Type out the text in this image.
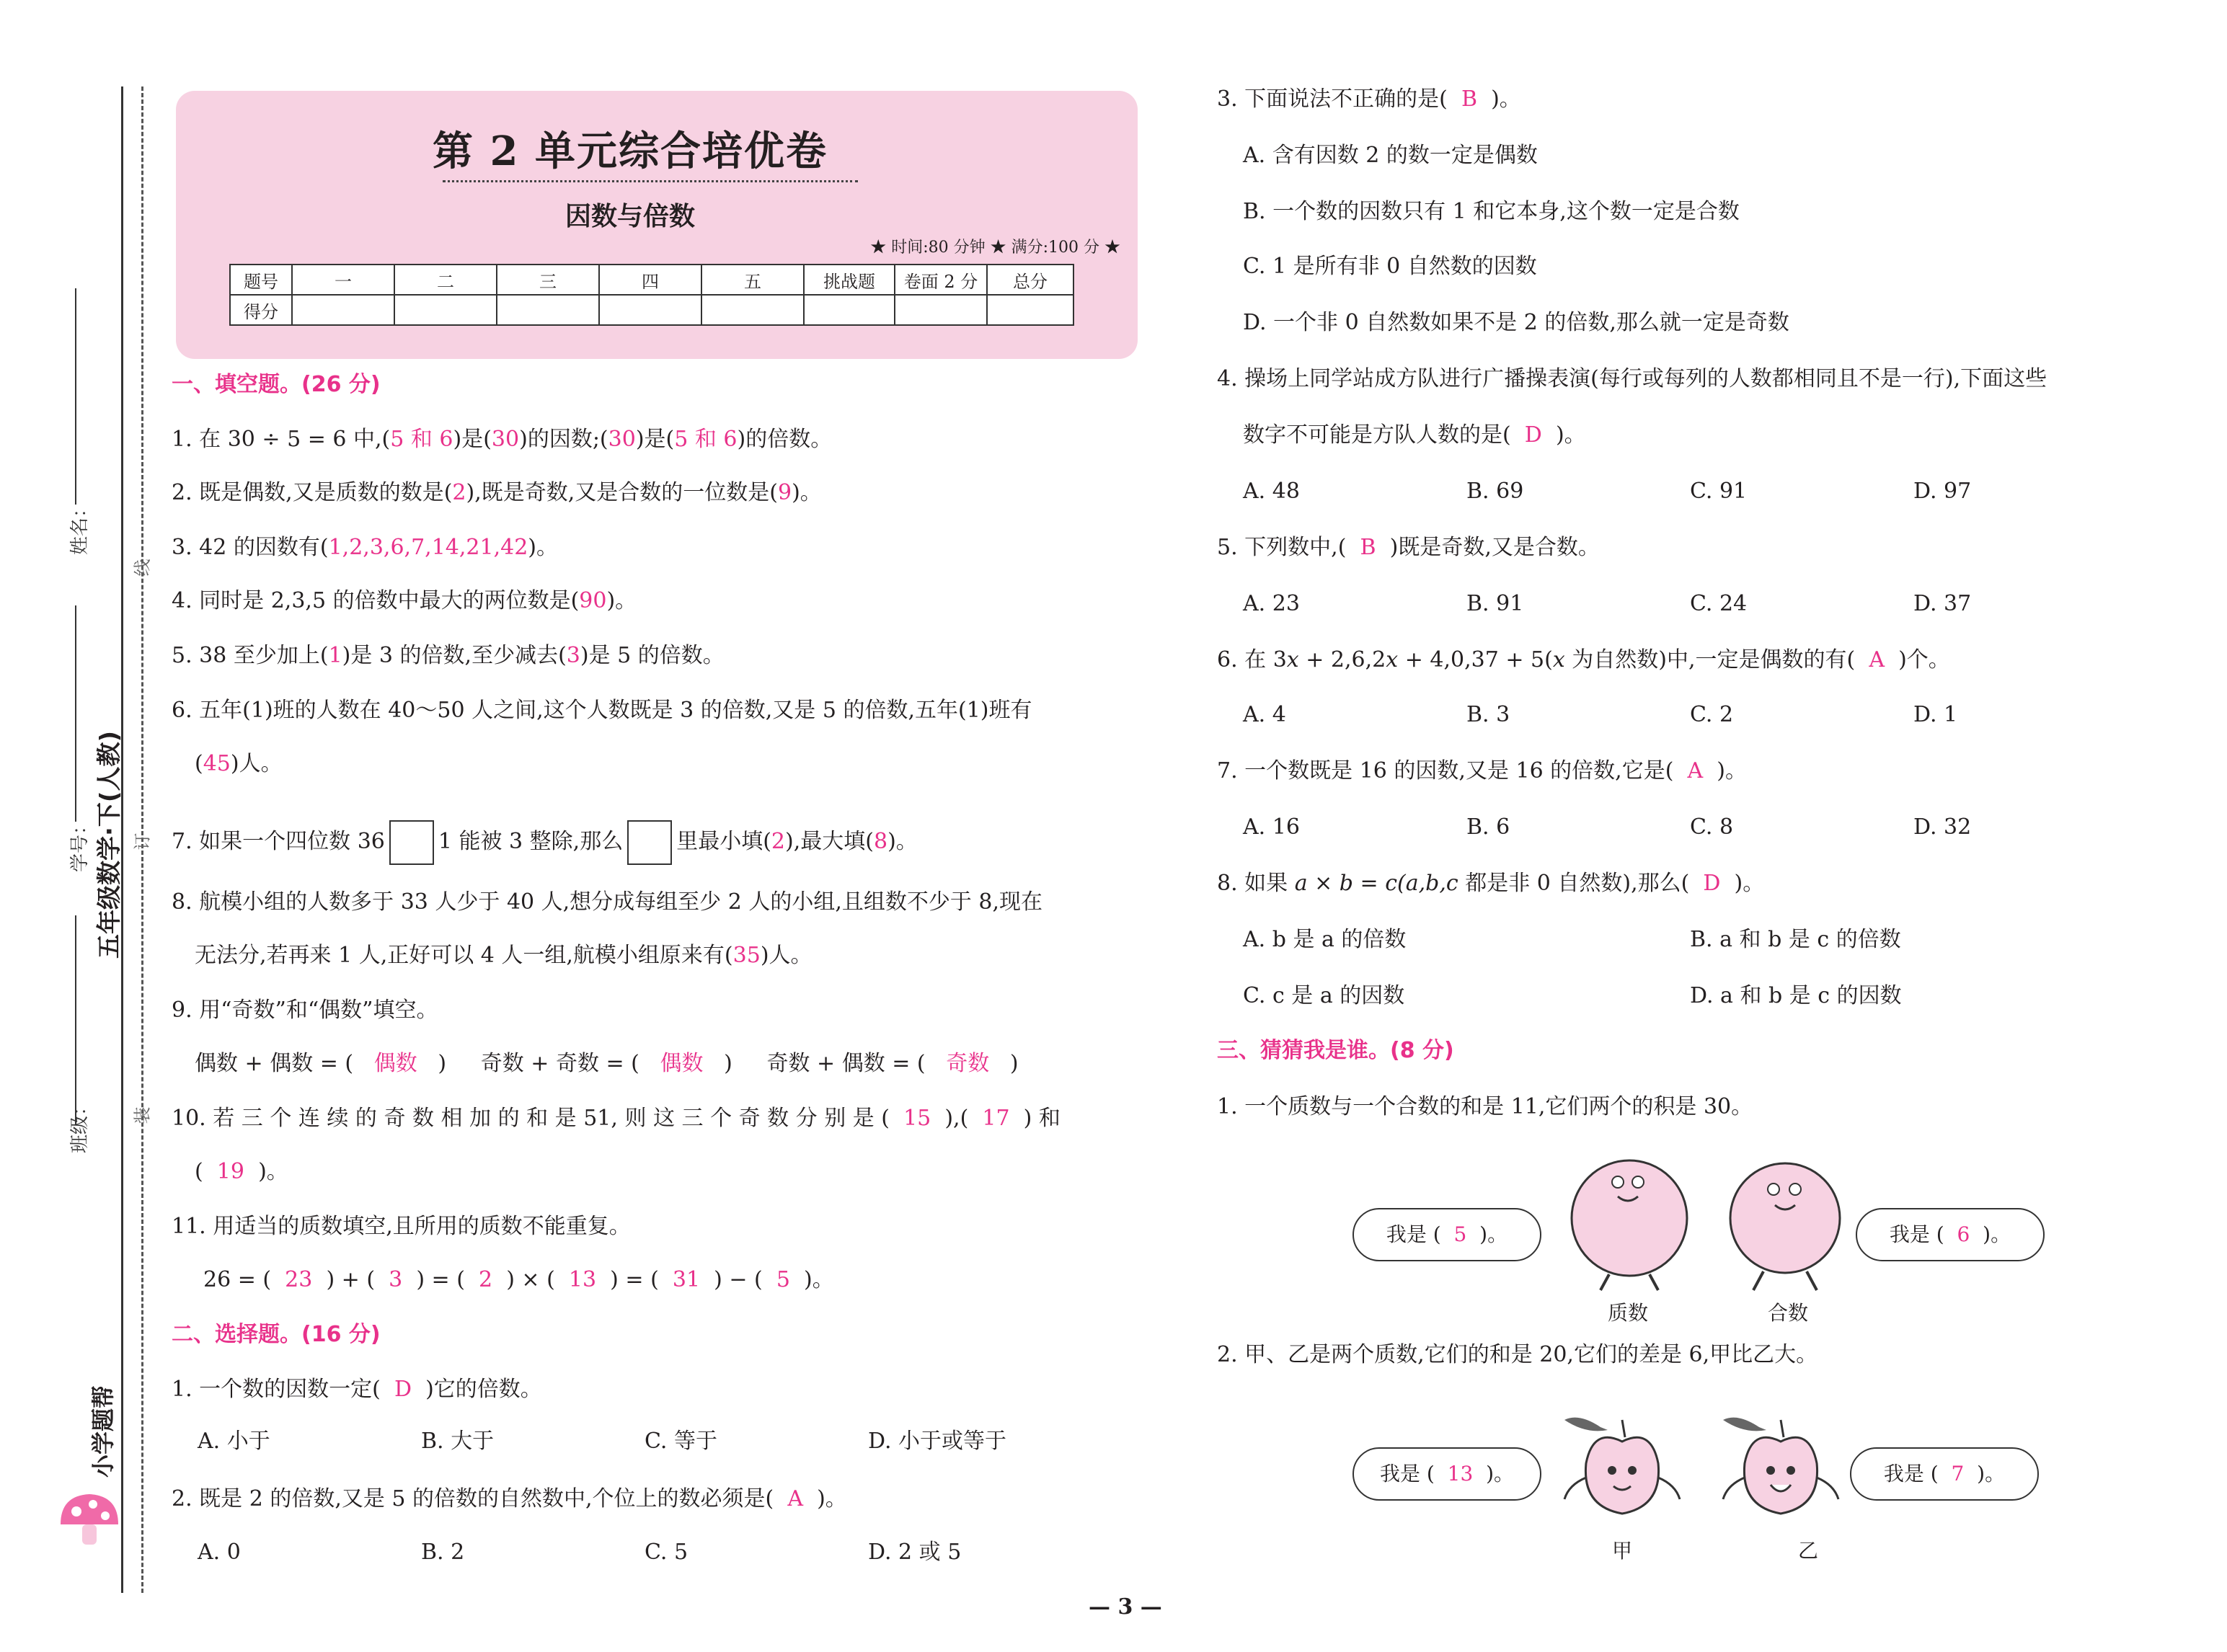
姓名：
学号：
班级：
五年级数学·下(人教)
线
订
装
小学题帮
第 2 单元综合培优卷
因数与倍数
★ 时间:80 分钟 ★ 满分:100 分 ★
题号	一	二	三	四	五	挑战题	卷面 2 分	总分
得分								
一、填空题。(26 分)
1. 在 30 ÷ 5 = 6 中,(5 和 6)是(30)的因数;(30)是(5 和 6)的倍数。
2. 既是偶数,又是质数的数是(2),既是奇数,又是合数的一位数是(9)。
3. 42 的因数有(1,2,3,6,7,14,21,42)。
4. 同时是 2,3,5 的倍数中最大的两位数是(90)。
5. 38 至少加上(1)是 3 的倍数,至少减去(3)是 5 的倍数。
6. 五年(1)班的人数在 40～50 人之间,这个人数既是 3 的倍数,又是 5 的倍数,五年(1)班有
(45)人。
7. 如果一个四位数 36 1 能被 3 整除,那么 里最小填(2),最大填(8)。
8. 航模小组的人数多于 33 人少于 40 人,想分成每组至少 2 人的小组,且组数不少于 8,现在
无法分,若再来 1 人,正好可以 4 人一组,航模小组原来有(35)人。
9. 用“奇数”和“偶数”填空。
偶数 + 偶数 = ( 偶数 ) 奇数 + 奇数 = ( 偶数 ) 奇数 + 偶数 = ( 奇数 )
10. 若 三 个 连 续 的 奇 数 相 加 的 和 是 51, 则 这 三 个 奇 数 分 别 是 ( 15 ),( 17 ) 和
( 19 )。
11. 用适当的质数填空,且所用的质数不能重复。
26 = ( 23 ) + ( 3 ) = ( 2 ) × ( 13 ) = ( 31 ) − ( 5 )。
二、选择题。(16 分)
1. 一个数的因数一定( D )它的倍数。
A. 小于	B. 大于	C. 等于	D. 小于或等于
2. 既是 2 的倍数,又是 5 的倍数的自然数中,个位上的数必须是( A )。
A. 0	B. 2	C. 5	D. 2 或 5
3. 下面说法不正确的是( B )。
A. 含有因数 2 的数一定是偶数
B. 一个数的因数只有 1 和它本身,这个数一定是合数
C. 1 是所有非 0 自然数的因数
D. 一个非 0 自然数如果不是 2 的倍数,那么就一定是奇数
4. 操场上同学站成方队进行广播操表演(每行或每列的人数都相同且不是一行),下面这些
数字不可能是方队人数的是( D )。
A. 48	B. 69	C. 91	D. 97
5. 下列数中,( B )既是奇数,又是合数。
A. 23	B. 91	C. 24	D. 37
6. 在 3x + 2,6,2x + 4,0,37 + 5(x 为自然数)中,一定是偶数的有( A )个。
A. 4	B. 3	C. 2	D. 1
7. 一个数既是 16 的因数,又是 16 的倍数,它是( A )。
A. 16	B. 6	C. 8	D. 32
8. 如果 a × b = c(a,b,c 都是非 0 自然数),那么( D )。
A. b 是 a 的倍数	B. a 和 b 是 c 的倍数
C. c 是 a 的因数	D. a 和 b 是 c 的因数
三、猜猜我是谁。(8 分)
1. 一个质数与一个合数的和是 11,它们两个的积是 30。
我是 ( 5 )。	我是 ( 6 )。
质数	合数
2. 甲、乙是两个质数,它们的和是 20,它们的差是 6,甲比乙大。
我是 ( 13 )。	我是 ( 7 )。
甲	乙
— 3 —
